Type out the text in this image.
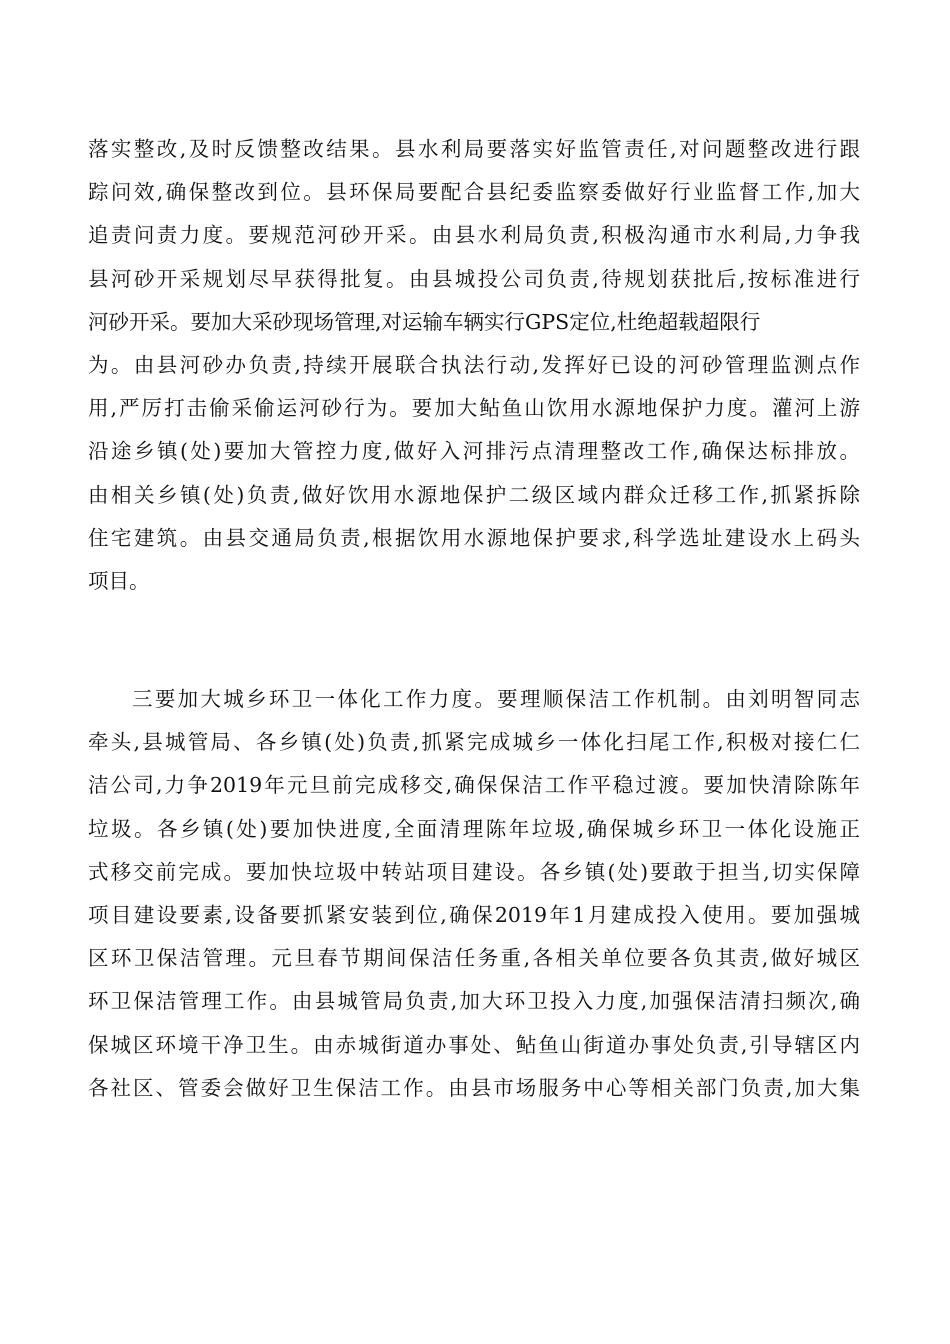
落实整改,及时反馈整改结果。县水利局要落实好监管责任,对问题整改进行跟
踪问效,确保整改到位。县环保局要配合县纪委监察委做好行业监督工作,加大
追责问责力度。要规范河砂开采。由县水利局负责,积极沟通市水利局,力争我
县河砂开采规划尽早获得批复。由县城投公司负责,待规划获批后,按标准进行
河砂开采。要加大采砂现场管理,对运输车辆实行GPS定位,杜绝超载超限行
为。由县河砂办负责,持续开展联合执法行动,发挥好已设的河砂管理监测点作
用,严厉打击偷采偷运河砂行为。要加大鲇鱼山饮用水源地保护力度。灌河上游
沿途乡镇(处)要加大管控力度,做好入河排污点清理整改工作,确保达标排放。
由相关乡镇(处)负责,做好饮用水源地保护二级区域内群众迁移工作,抓紧拆除
住宅建筑。由县交通局负责,根据饮用水源地保护要求,科学选址建设水上码头
项目。
三要加大城乡环卫一体化工作力度。要理顺保洁工作机制。由刘明智同志
牵头,县城管局、各乡镇(处)负责,抓紧完成城乡一体化扫尾工作,积极对接仁仁
洁公司,力争2019年元旦前完成移交,确保保洁工作平稳过渡。要加快清除陈年
垃圾。各乡镇(处)要加快进度,全面清理陈年垃圾,确保城乡环卫一体化设施正
式移交前完成。要加快垃圾中转站项目建设。各乡镇(处)要敢于担当,切实保障
项目建设要素,设备要抓紧安装到位,确保2019年1月建成投入使用。要加强城
区环卫保洁管理。元旦春节期间保洁任务重,各相关单位要各负其责,做好城区
环卫保洁管理工作。由县城管局负责,加大环卫投入力度,加强保洁清扫频次,确
保城区环境干净卫生。由赤城街道办事处、鲇鱼山街道办事处负责,引导辖区内
各社区、管委会做好卫生保洁工作。由县市场服务中心等相关部门负责,加大集
